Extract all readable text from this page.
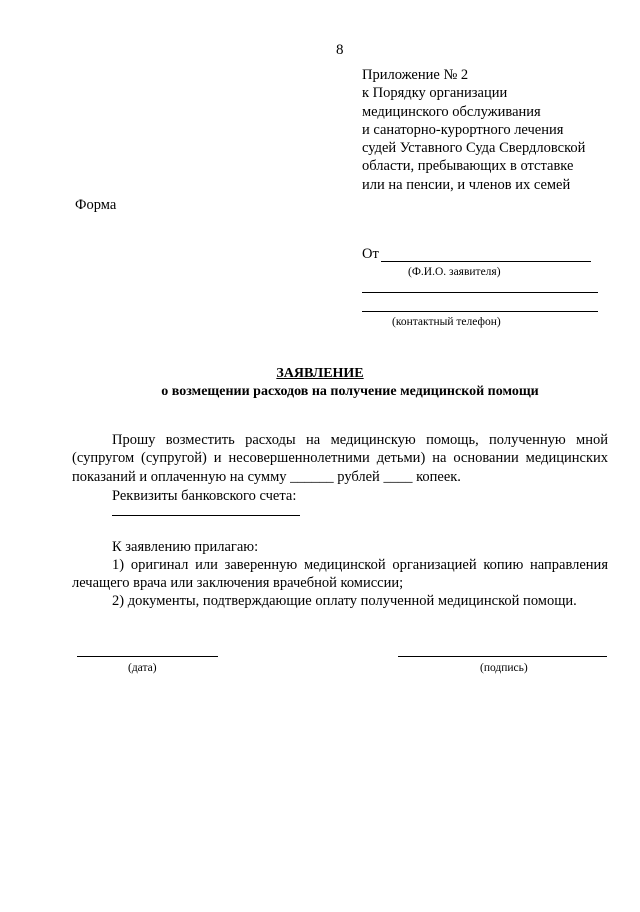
8
Приложение № 2
к Порядку организации
медицинского обслуживания
и санаторно-курортного лечения
судей Уставного Суда Свердловской
области, пребывающих в отставке
или на пенсии, и членов их семей
Форма
От
(Ф.И.О. заявителя)
(контактный телефон)
ЗАЯВЛЕНИЕ
о возмещении расходов на получение медицинской помощи
Прошу возместить расходы на медицинскую помощь, полученную мной
(супругом (супругой) и несовершеннолетними детьми) на основании медицинских
показаний и оплаченную на сумму ______ рублей ____ копеек.
Реквизиты банковского счета:
К заявлению прилагаю:
1) оригинал или заверенную медицинской организацией копию направления
лечащего врача или заключения врачебной комиссии;
2) документы, подтверждающие оплату полученной медицинской помощи.
(дата)	(подпись)
